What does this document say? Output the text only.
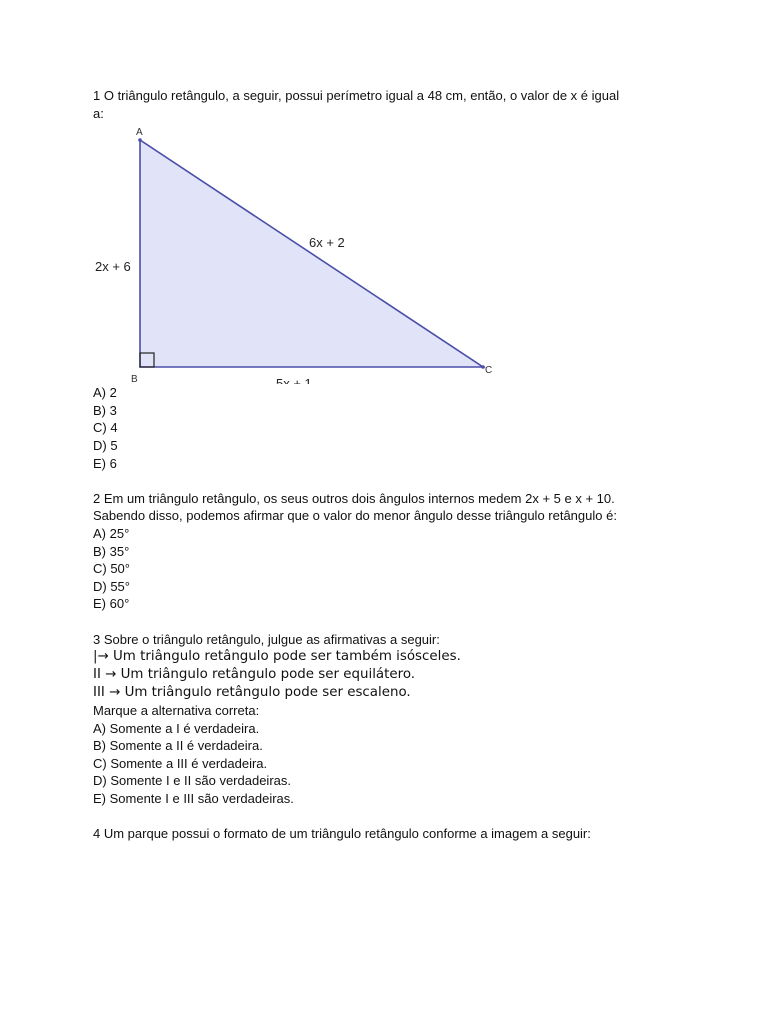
1 O triângulo retângulo, a seguir, possui perímetro igual a 48 cm, então, o valor de x é igual
a:
A
B
C
2x + 6
6x + 2
5x + 1
A) 2
B) 3
C) 4
D) 5
E) 6
2 Em um triângulo retângulo, os seus outros dois ângulos internos medem 2x + 5 e x + 10.
Sabendo disso, podemos afirmar que o valor do menor ângulo desse triângulo retângulo é:
A) 25°
B) 35°
C) 50°
D) 55°
E) 60°
3 Sobre o triângulo retângulo, julgue as afirmativas a seguir:
|→ Um triângulo retângulo pode ser também isósceles.
II → Um triângulo retângulo pode ser equilátero.
III → Um triângulo retângulo pode ser escaleno.
Marque a alternativa correta:
A) Somente a I é verdadeira.
B) Somente a II é verdadeira.
C) Somente a III é verdadeira.
D) Somente I e II são verdadeiras.
E) Somente I e III são verdadeiras.
4 Um parque possui o formato de um triângulo retângulo conforme a imagem a seguir:
